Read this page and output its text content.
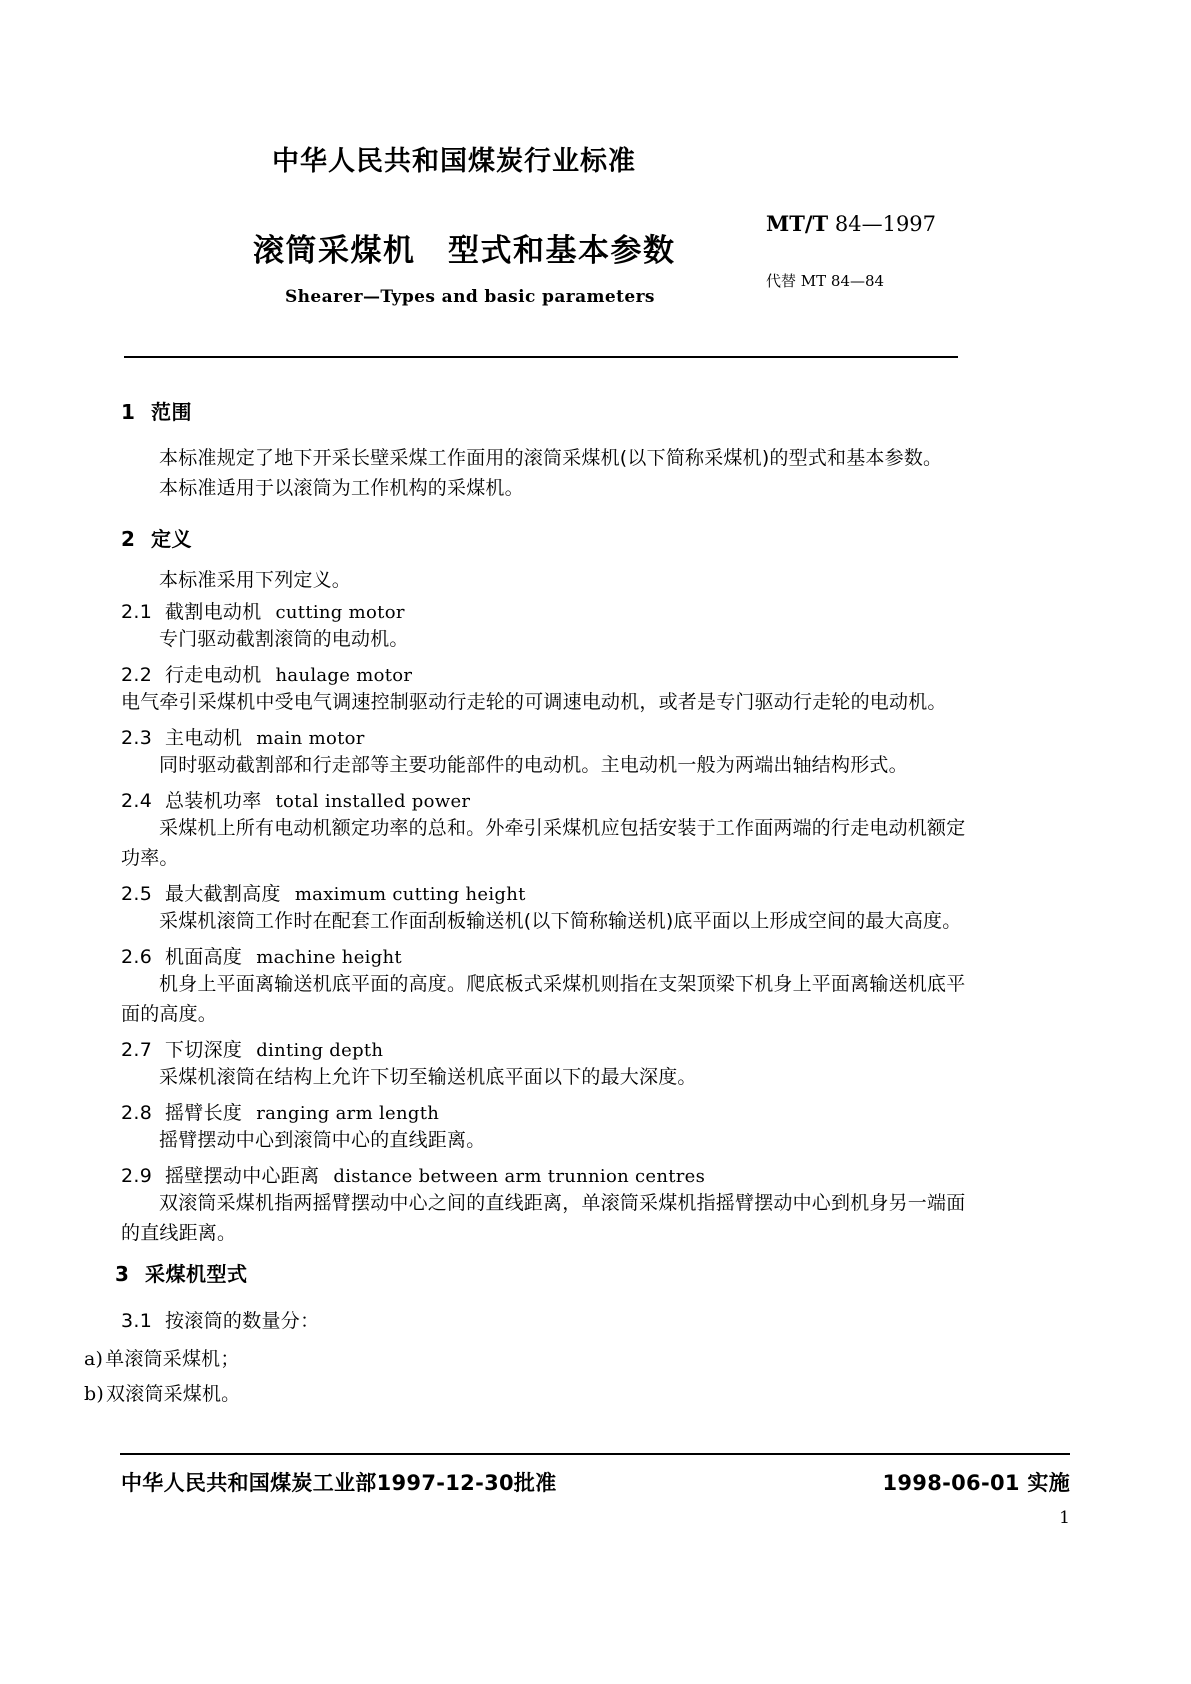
中华人民共和国煤炭行业标准
滚筒采煤机　型式和基本参数
Shearer—Types and basic parameters
MT/T 84—1997
代替 MT 84—84
1 范围
本标准规定了地下开采长壁采煤工作面用的滚筒采煤机(以下简称采煤机)的型式和基本参数。
本标准适用于以滚筒为工作机构的采煤机。
2 定义
本标准采用下列定义。
2.1 截割电动机 cutting motor
专门驱动截割滚筒的电动机。
2.2 行走电动机 haulage motor
电气牵引采煤机中受电气调速控制驱动行走轮的可调速电动机，或者是专门驱动行走轮的电动机。
2.3 主电动机 main motor
同时驱动截割部和行走部等主要功能部件的电动机。主电动机一般为两端出轴结构形式。
2.4 总装机功率 total installed power
采煤机上所有电动机额定功率的总和。外牵引采煤机应包括安装于工作面两端的行走电动机额定功率。
2.5 最大截割高度 maximum cutting height
采煤机滚筒工作时在配套工作面刮板输送机(以下简称输送机)底平面以上形成空间的最大高度。
2.6 机面高度 machine height
机身上平面离输送机底平面的高度。爬底板式采煤机则指在支架顶梁下机身上平面离输送机底平面的高度。
2.7 下切深度 dinting depth
采煤机滚筒在结构上允许下切至输送机底平面以下的最大深度。
2.8 摇臂长度 ranging arm length
摇臂摆动中心到滚筒中心的直线距离。
2.9 摇壁摆动中心距离 distance between arm trunnion centres
双滚筒采煤机指两摇臂摆动中心之间的直线距离，单滚筒采煤机指摇臂摆动中心到机身另一端面的直线距离。
3 采煤机型式
3.1 按滚筒的数量分：
a) 单滚筒采煤机；
b) 双滚筒采煤机。
中华人民共和国煤炭工业部1997-12-30批准	1998-06-01 实施
1
